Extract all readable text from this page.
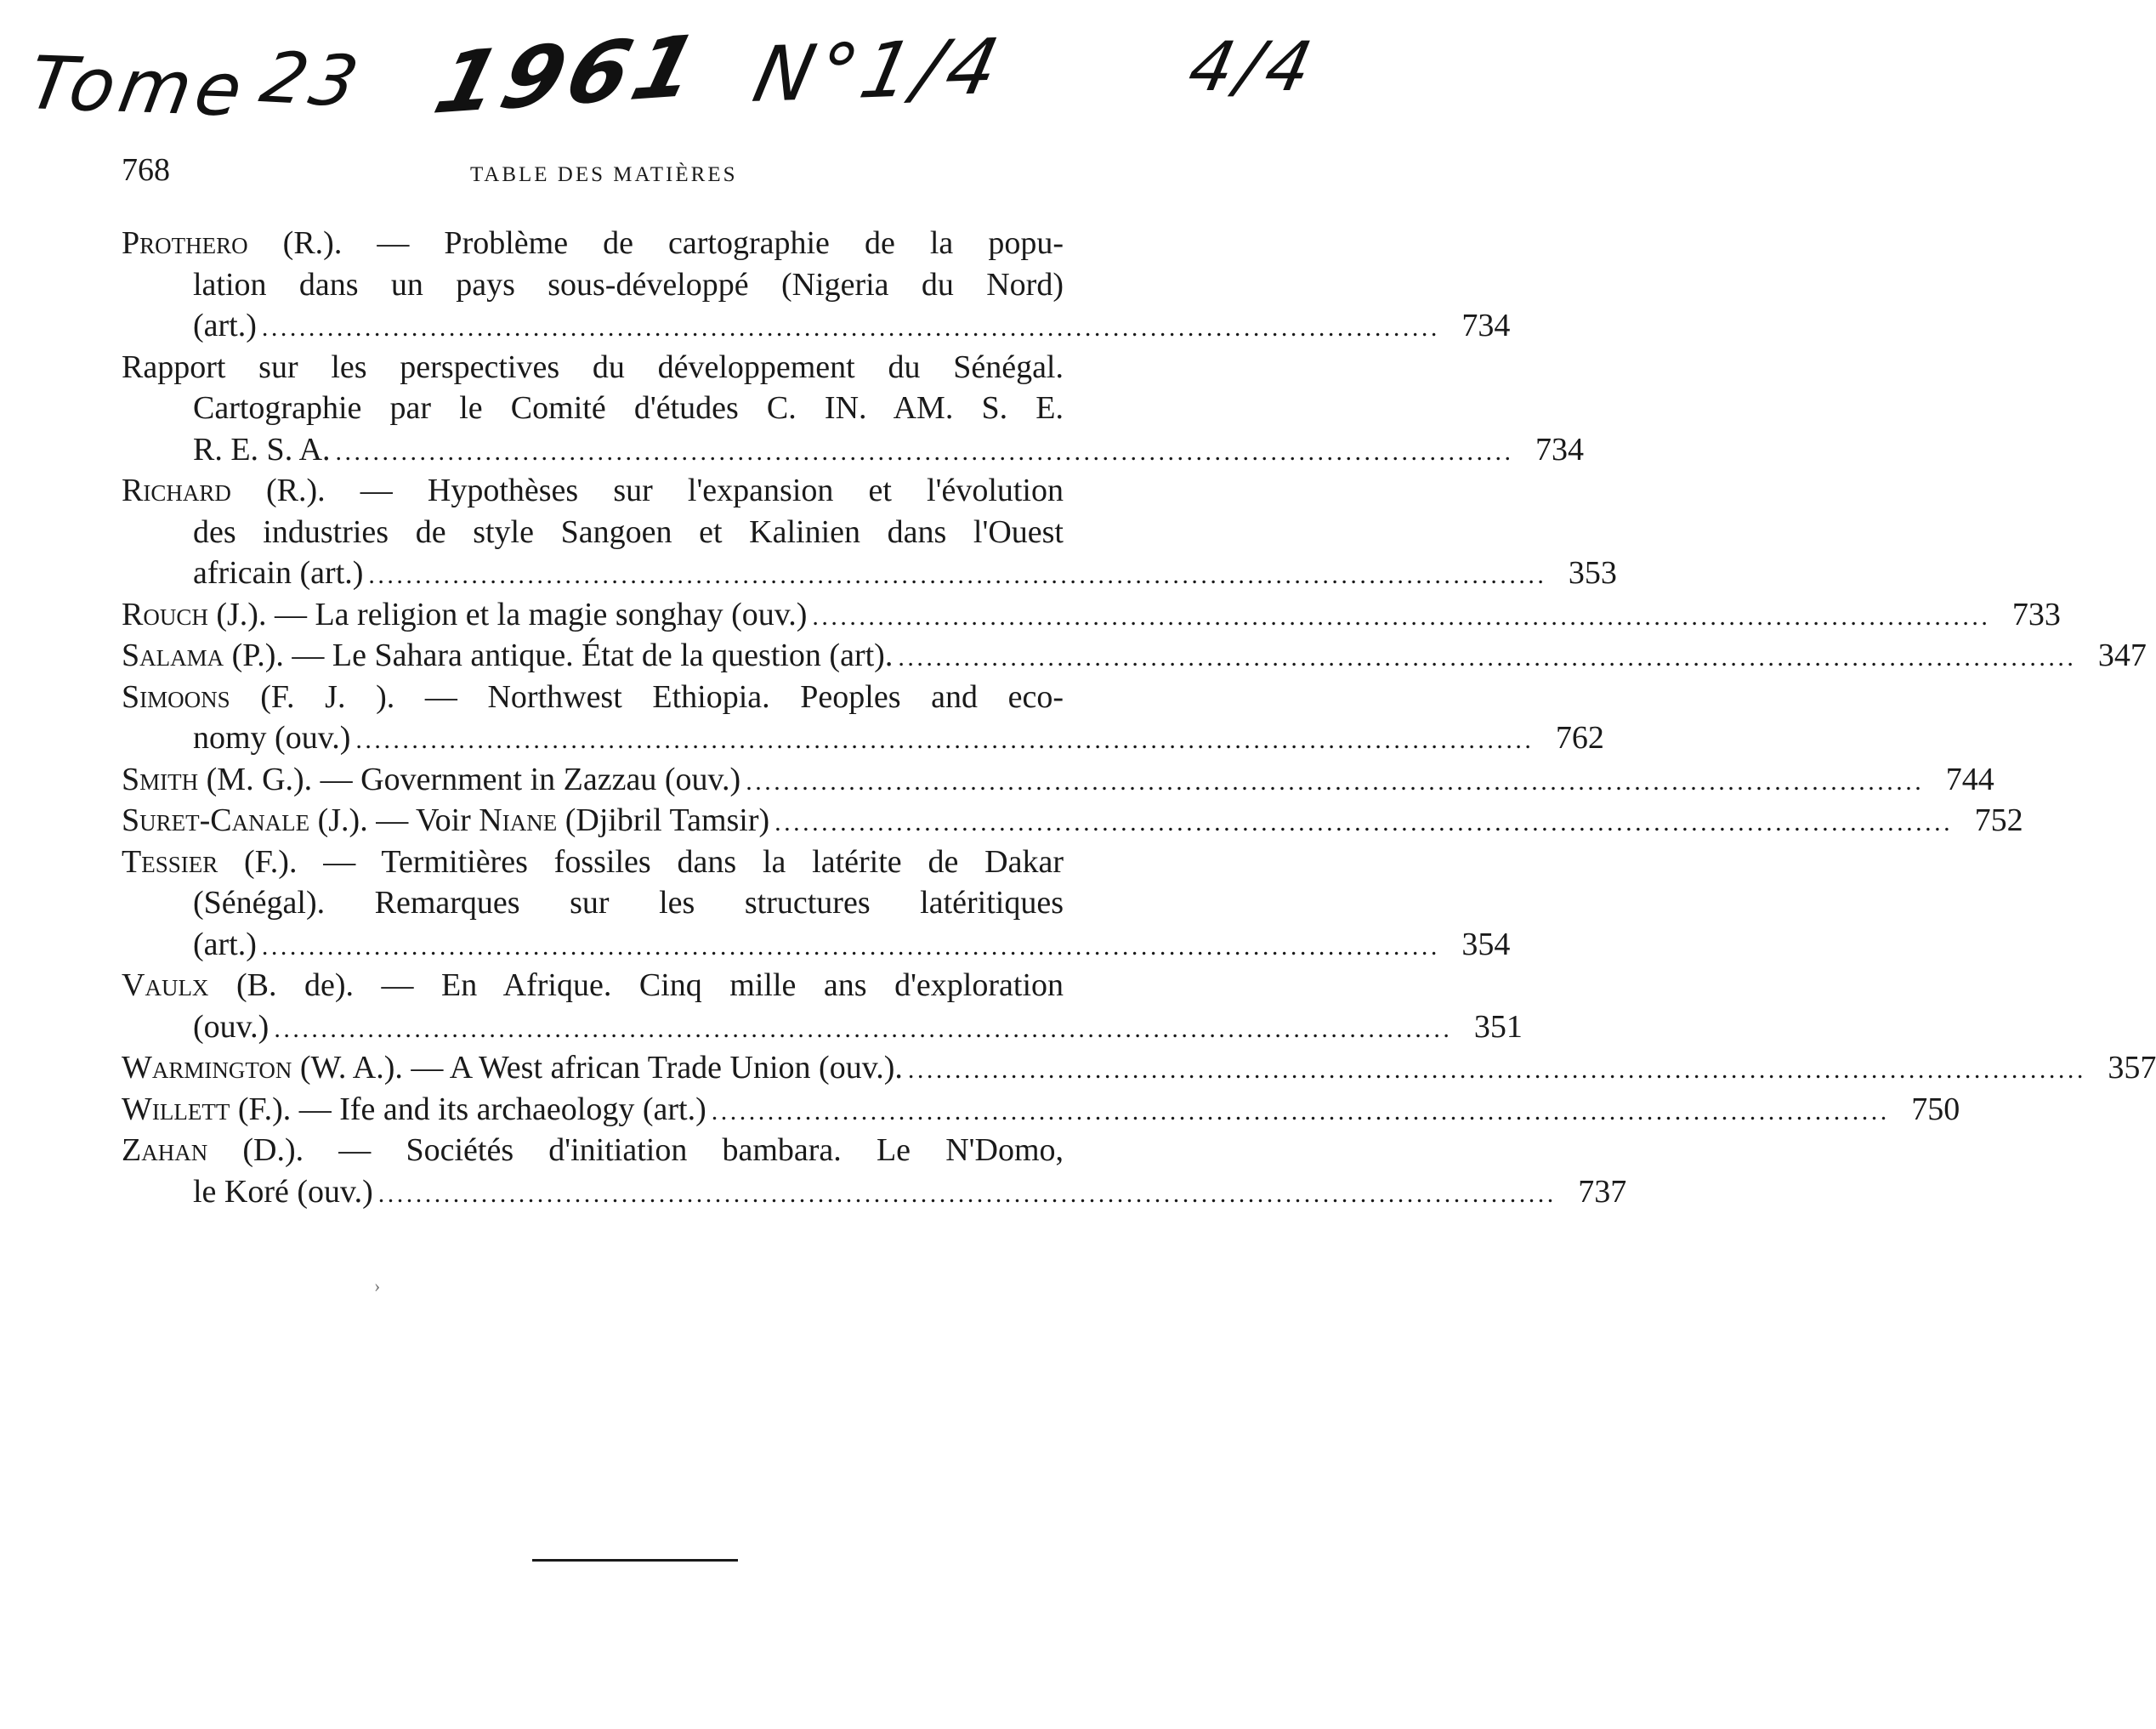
Tome 23 1961 N°1/4	4/4
768	TABLE DES MATIÈRES
Prothero (R.). — Problème de cartographie de la popu-
lation dans un pays sous-développé (Nigeria du Nord)
(art.) . . .	734
Rapport sur les perspectives du développement du Sénégal.
Cartographie par le Comité d'études C. IN. AM. S. E.
R. E. S. A. . . .	734
Richard (R.). — Hypothèses sur l'expansion et l'évolution
des industries de style Sangoen et Kalinien dans l'Ouest
africain (art.) . . .	353
Rouch (J.). — La religion et la magie songhay (ouv.) . . .	733
Salama (P.). — Le Sahara antique. État de la question (art). . . .	347
Simoons (F. J. ). — Northwest Ethiopia. Peoples and eco-
nomy (ouv.) . . .	762
Smith (M. G.). — Government in Zazzau (ouv.) . . .	744
Suret-Canale (J.). — Voir Niane (Djibril Tamsir) . . .	752
Tessier (F.). — Termitières fossiles dans la latérite de Dakar
(Sénégal). Remarques sur les structures latéritiques
(art.) . . .	354
Vaulx (B. de). — En Afrique. Cinq mille ans d'exploration
(ouv.) . . .	351
Warmington (W. A.). — A West african Trade Union (ouv.). . . .	357
Willett (F.). — Ife and its archaeology (art.) . . .	750
Zahan (D.). — Sociétés d'initiation bambara. Le N'Domo,
le Koré (ouv.) . . .	737
›
